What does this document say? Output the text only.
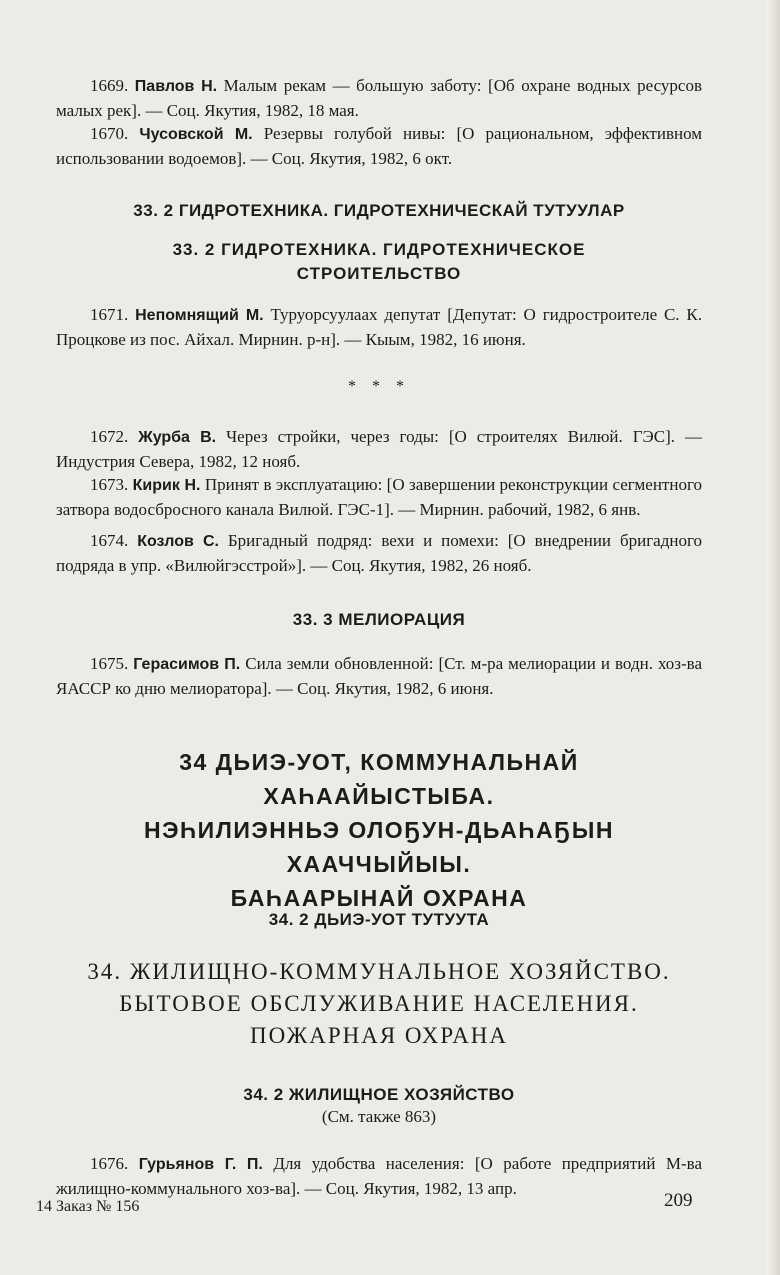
1669. Павлов Н. Малым рекам — большую заботу: [Об охране водных ресурсов малых рек]. — Соц. Якутия, 1982, 18 мая.

1670. Чусовской М. Резервы голубой нивы: [О рациональном, эффективном использовании водоемов]. — Соц. Якутия, 1982, 6 окт.

33. 2 ГИДРОТЕХНИКА. ГИДРОТЕХНИЧЕСКАЙ ТУТУУЛАР
33. 2 ГИДРОТЕХНИКА. ГИДРОТЕХНИЧЕСКОЕ
СТРОИТЕЛЬСТВО

1671. Непомнящий М. Туруорсуулаах депутат [Депутат: О гидростроителе С. К. Процкове из пос. Айхал. Мирнин. р-н]. — Кыым, 1982, 16 июня.

* * *

1672. Журба В. Через стройки, через годы: [О строителях Вилюй. ГЭС]. — Индустрия Севера, 1982, 12 нояб.

1673. Кирик Н. Принят в эксплуатацию: [О завершении реконструкции сегментного затвора водосбросного канала Вилюй. ГЭС-1]. — Мирнин. рабочий, 1982, 6 янв.

1674. Козлов С. Бригадный подряд: вехи и помехи: [О внедрении бригадного подряда в упр. «Вилюйгэсстрой»]. — Соц. Якутия, 1982, 26 нояб.

33. 3 МЕЛИОРАЦИЯ

1675. Герасимов П. Сила земли обновленной: [Ст. м-ра мелиорации и водн. хоз-ва ЯАССР ко дню мелиоратора]. — Соц. Якутия, 1982, 6 июня.

34 ДЬИЭ-УОТ, КОММУНАЛЬНАЙ
ХАҺААЙЫСТЫБА.
НЭҺИЛИЭННЬЭ ОЛОҔУН-ДЬАҺАҔЫН
ХААЧЧЫЙЫЫ.
БАҺААРЫНАЙ ОХРАНА
34. 2 ДЬИЭ-УОТ ТУТУУТА
34. ЖИЛИЩНО-КОММУНАЛЬНОЕ ХОЗЯЙСТВО.
БЫТОВОЕ ОБСЛУЖИВАНИЕ НАСЕЛЕНИЯ.
ПОЖАРНАЯ ОХРАНА
34. 2 ЖИЛИЩНОЕ ХОЗЯЙСТВО
(См. также 863)

1676. Гурьянов Г. П. Для удобства населения: [О работе предприятий М-ва жилищно-коммунального хоз-ва]. — Соц. Якутия, 1982, 13 апр.

14 Заказ № 156	209
